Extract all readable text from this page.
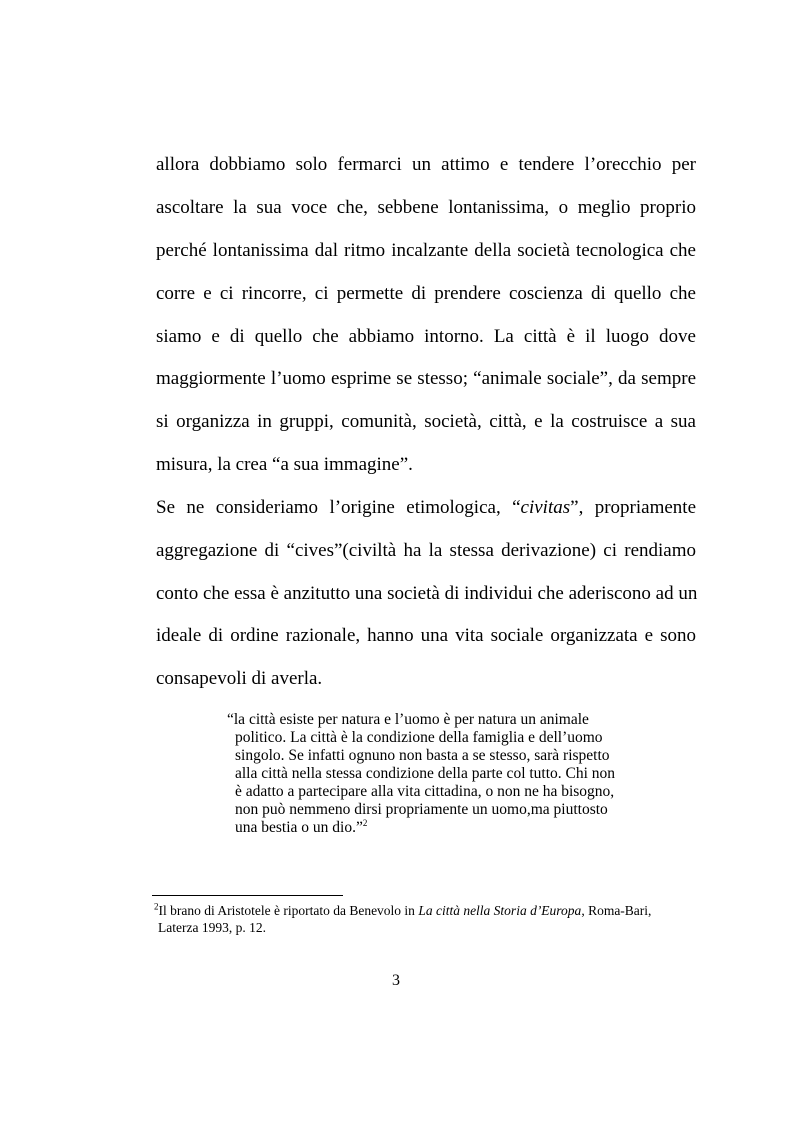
allora dobbiamo solo fermarci un attimo e tendere l’orecchio per
ascoltare la sua voce che, sebbene lontanissima, o meglio proprio
perché lontanissima dal ritmo incalzante della società tecnologica che
corre e ci rincorre, ci permette di prendere coscienza di quello che
siamo e di quello che abbiamo intorno. La città è il luogo dove
maggiormente l’uomo esprime se stesso; “animale sociale”, da sempre
si organizza in gruppi, comunità, società, città, e la costruisce a sua
misura, la crea “a sua immagine”.
Se ne consideriamo l’origine etimologica, “civitas”, propriamente
aggregazione di “cives”(civiltà ha la stessa derivazione) ci rendiamo
conto che essa è anzitutto una società di individui che aderiscono ad un
ideale di ordine razionale, hanno una vita sociale organizzata e sono
consapevoli di averla.
“la città esiste per natura e l’uomo è per natura un animale
politico. La città è la condizione della famiglia e dell’uomo
singolo. Se infatti ognuno non basta a se stesso, sarà rispetto
alla città nella stessa condizione della parte col tutto. Chi non
è adatto a partecipare alla vita cittadina, o non ne ha bisogno,
non può nemmeno dirsi propriamente un uomo,ma piuttosto
una bestia o un dio.”$^2$
$^2$Il brano di Aristotele è riportato da Benevolo in La città nella Storia d’Europa, Roma-Bari,
Laterza 1993, p. 12.
3
